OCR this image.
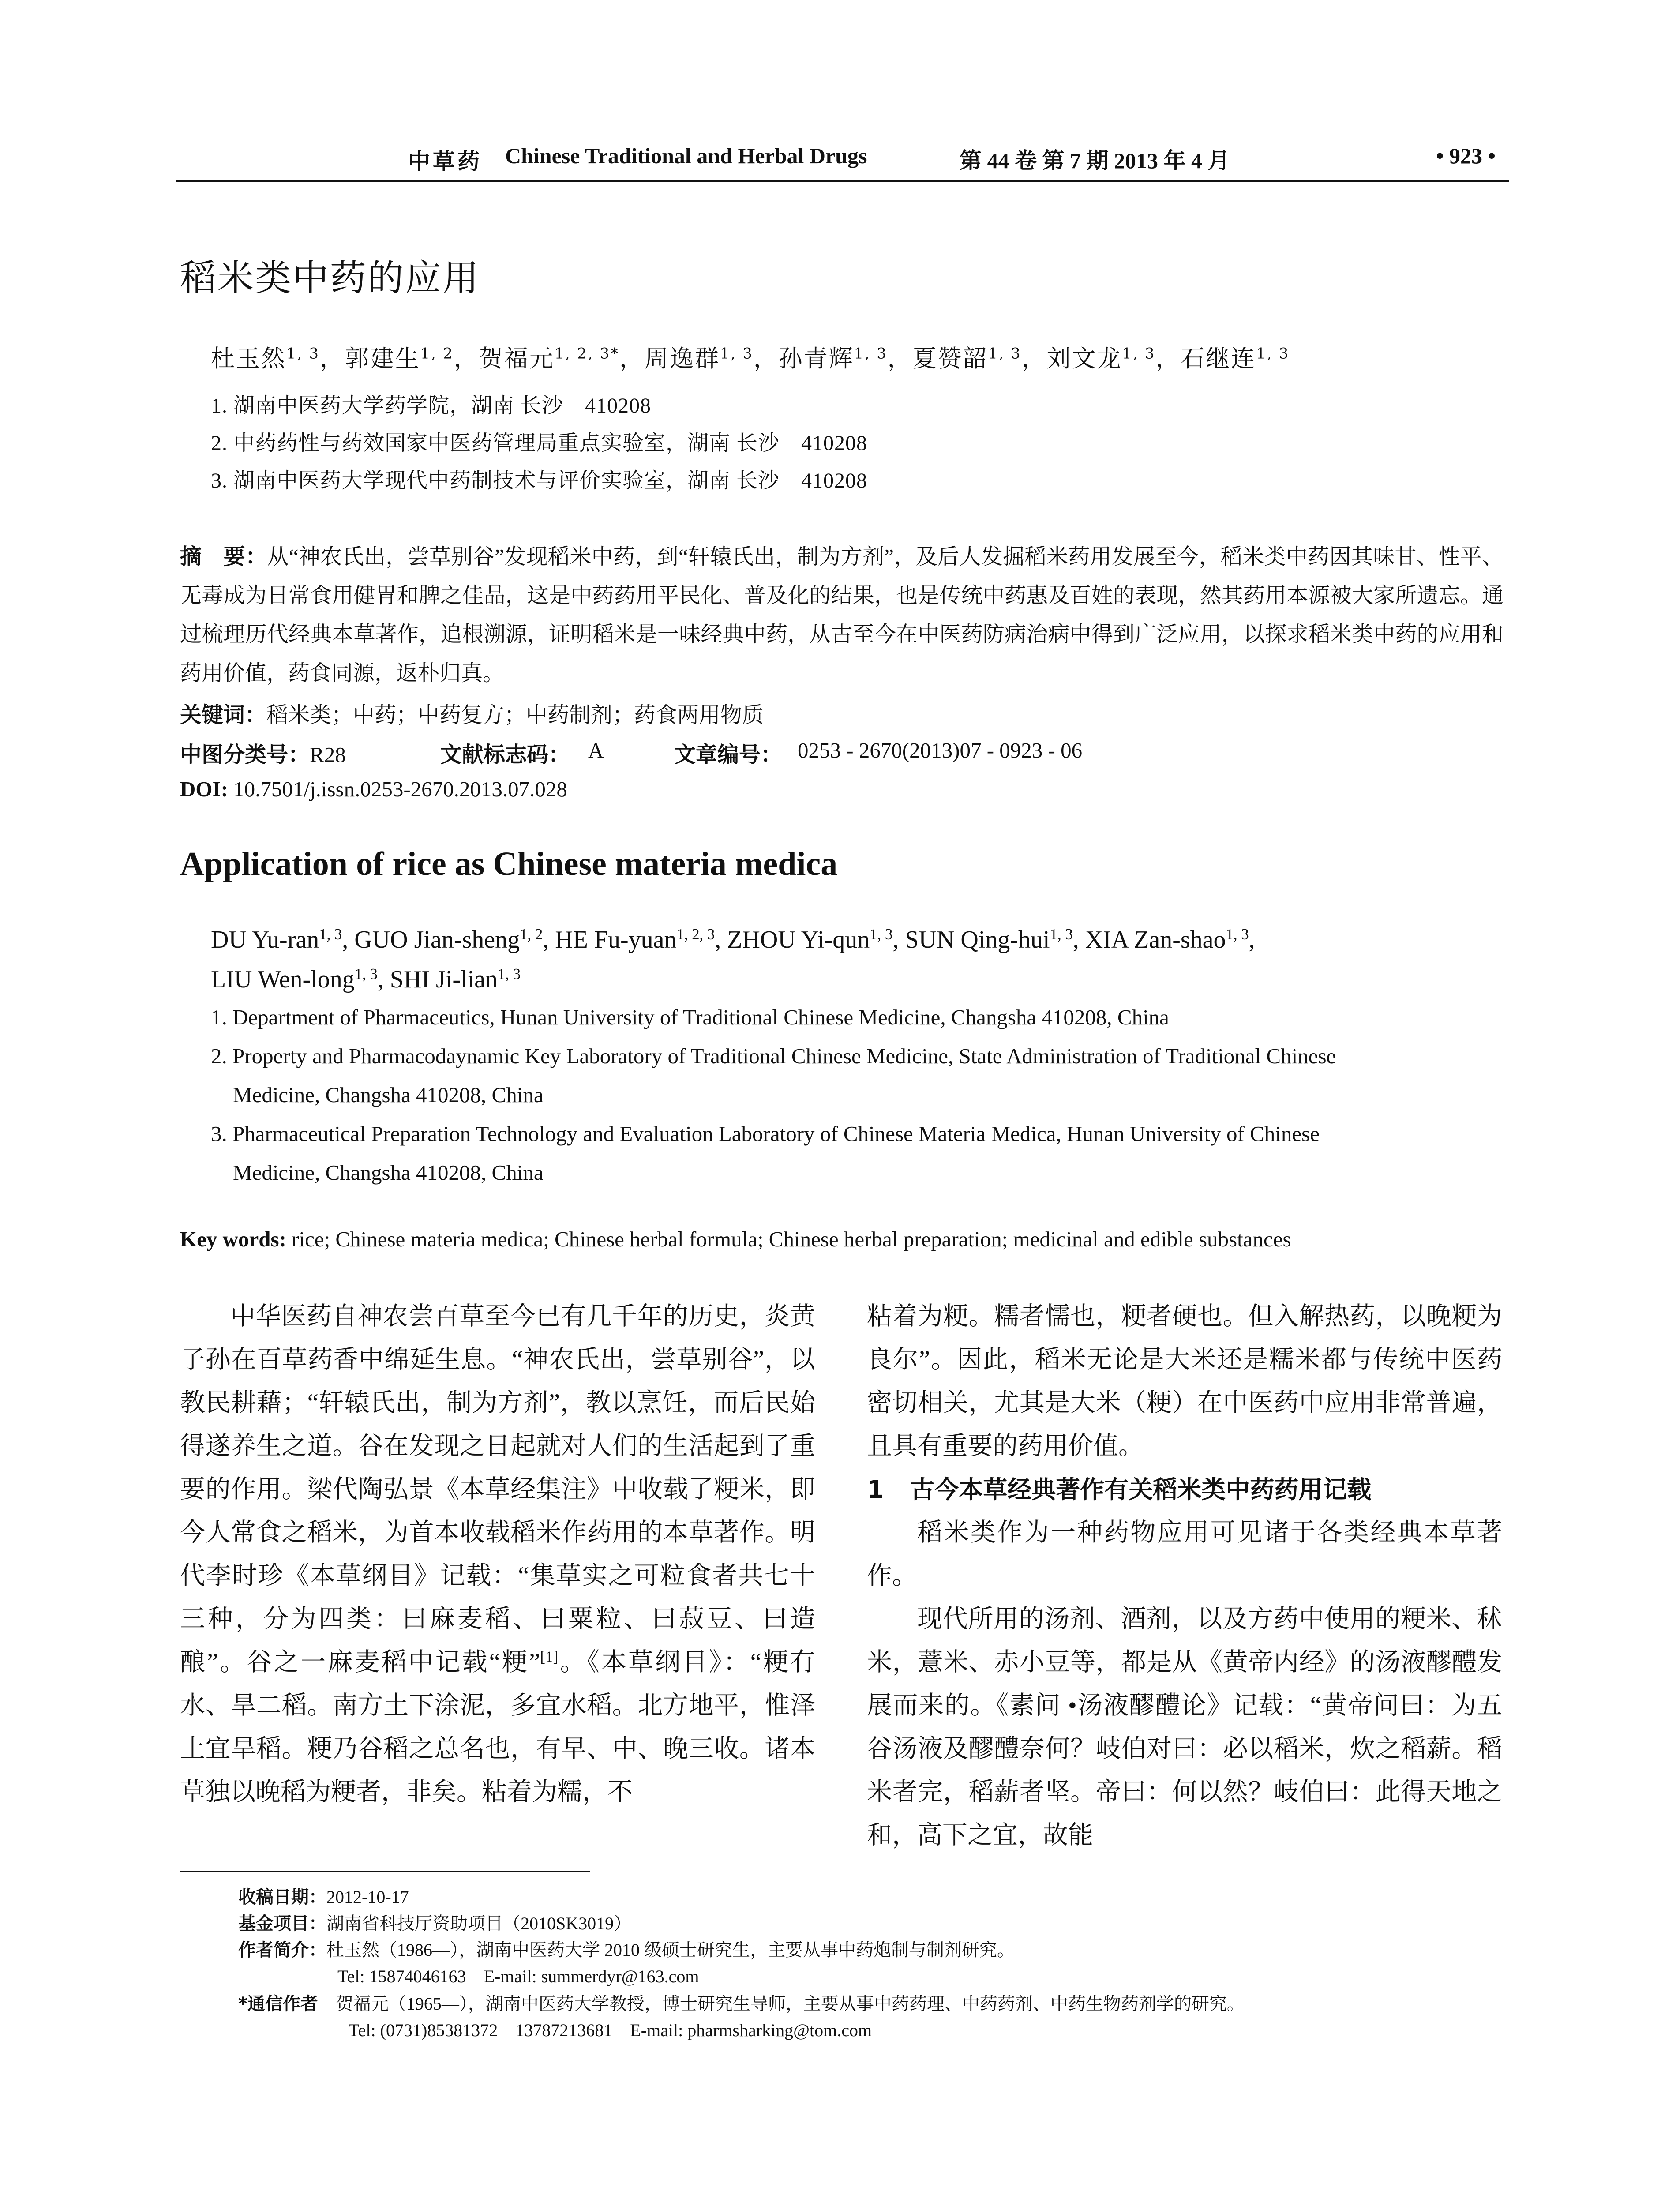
中草药 Chinese Traditional and Herbal Drugs	第 44 卷 第 7 期 2013 年 4 月	• 923 •
稻米类中药的应用
杜玉然$^{1, 3}$，郭建生$^{1, 2}$，贺福元$^{1, 2, 3*}$，周逸群$^{1, 3}$，孙青辉$^{1, 3}$，夏赞韶$^{1, 3}$，刘文龙$^{1, 3}$，石继连$^{1, 3}$
1. 湖南中医药大学药学院，湖南 长沙　410208
2. 中药药性与药效国家中医药管理局重点实验室，湖南 长沙　410208
3. 湖南中医药大学现代中药制技术与评价实验室，湖南 长沙　410208
摘　要：从“神农氏出，尝草别谷”发现稻米中药，到“轩辕氏出，制为方剂”，及后人发掘稻米药用发展至今，稻米类中药因其味甘、性平、无毒成为日常食用健胃和脾之佳品，这是中药药用平民化、普及化的结果，也是传统中药惠及百姓的表现，然其药用本源被大家所遗忘。通过梳理历代经典本草著作，追根溯源，证明稻米是一味经典中药，从古至今在中医药防病治病中得到广泛应用，以探求稻米类中药的应用和药用价值，药食同源，返朴归真。
关键词：稻米类；中药；中药复方；中药制剂；药食两用物质
中图分类号：R28	文献标志码： A	文章编号： 0253 - 2670(2013)07 - 0923 - 06
DOI: 10.7501/j.issn.0253-2670.2013.07.028
Application of rice as Chinese materia medica
DU Yu-ran$^{1, 3}$, GUO Jian-sheng$^{1, 2}$, HE Fu-yuan$^{1, 2, 3}$, ZHOU Yi-qun$^{1, 3}$, SUN Qing-hui$^{1, 3}$, XIA Zan-shao$^{1, 3}$,
LIU Wen-long$^{1, 3}$, SHI Ji-lian$^{1, 3}$
1. Department of Pharmaceutics, Hunan University of Traditional Chinese Medicine, Changsha 410208, China
2. Property and Pharmacodaynamic Key Laboratory of Traditional Chinese Medicine, State Administration of Traditional Chinese
Medicine, Changsha 410208, China
3. Pharmaceutical Preparation Technology and Evaluation Laboratory of Chinese Materia Medica, Hunan University of Chinese
Medicine, Changsha 410208, China
Key words: rice; Chinese materia medica; Chinese herbal formula; Chinese herbal preparation; medicinal and edible substances

中华医药自神农尝百草至今已有几千年的历史，炎黄子孙在百草药香中绵延生息。“神农氏出，尝草别谷”，以教民耕藉；“轩辕氏出，制为方剂”，教以烹饪，而后民始得遂养生之道。谷在发现之日起就对人们的生活起到了重要的作用。梁代陶弘景《本草经集注》中收载了粳米，即今人常食之稻米，为首本收载稻米作药用的本草著作。明代李时珍《本草纲目》记载：“集草实之可粒食者共七十三种，分为四类：曰麻麦稻、曰粟粒、曰菽豆、曰造酿”。谷之一麻麦稻中记载“粳”[1]。《本草纲目》：“粳有水、旱二稻。南方土下涂泥，多宜水稻。北方地平，惟泽土宜旱稻。粳乃谷稻之总名也，有早、中、晚三收。诸本草独以晚稻为粳者，非矣。粘着为糯，不

粘着为粳。糯者懦也，粳者硬也。但入解热药，以晚粳为良尔”。因此，稻米无论是大米还是糯米都与传统中医药密切相关，尤其是大米（粳）在中医药中应用非常普遍，且具有重要的药用价值。

1 古今本草经典著作有关稻米类中药药用记载

稻米类作为一种药物应用可见诸于各类经典本草著作。

现代所用的汤剂、酒剂，以及方药中使用的粳米、秫米，薏米、赤小豆等，都是从《黄帝内经》的汤液醪醴发展而来的。《素问 •汤液醪醴论》记载：“黄帝问曰：为五谷汤液及醪醴奈何？岐伯对曰：必以稻米，炊之稻薪。稻米者完，稻薪者坚。帝曰：何以然？岐伯曰：此得天地之和，高下之宜，故能

收稿日期：2012-10-17
基金项目：湖南省科技厅资助项目（2010SK3019）
作者简介：杜玉然（1986—），湖南中医药大学 2010 级硕士研究生，主要从事中药炮制与制剂研究。
Tel: 15874046163　E-mail: summerdyr@163.com
*通信作者 贺福元（1965—），湖南中医药大学教授，博士研究生导师，主要从事中药药理、中药药剂、中药生物药剂学的研究。
Tel: (0731)85381372　13787213681　E-mail: pharmsharking@tom.com
